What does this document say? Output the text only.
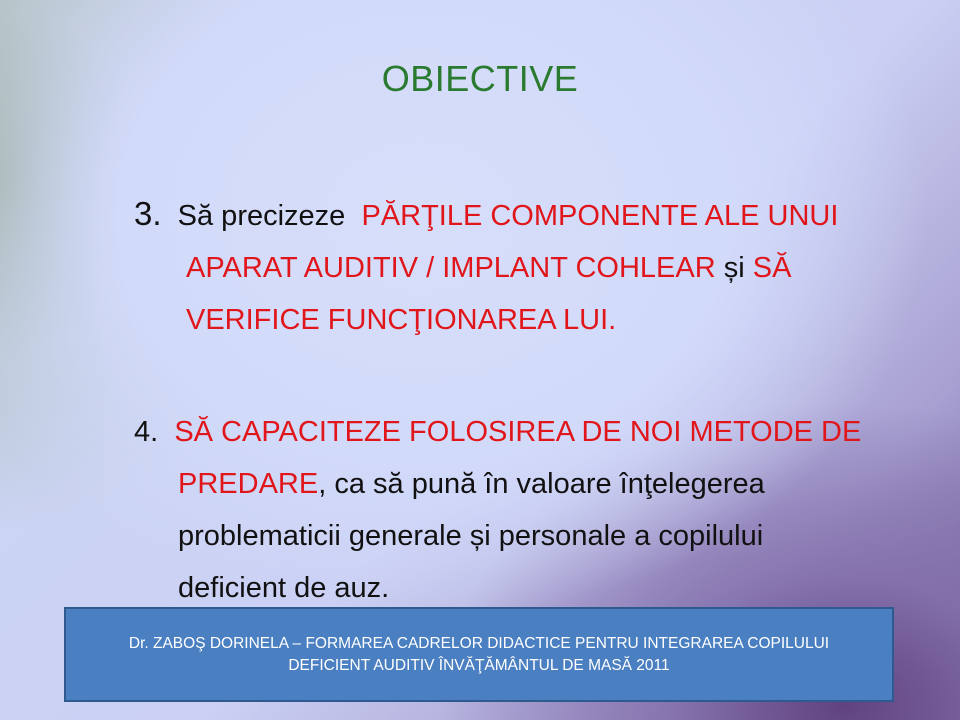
OBIECTIVE
3. Să precizeze PĂRŢILE COMPONENTE ALE UNUI
APARAT AUDITIV / IMPLANT COHLEAR și SĂ
VERIFICE FUNCŢIONAREA LUI.
4. SĂ CAPACITEZE FOLOSIREA DE NOI METODE DE
PREDARE, ca să pună în valoare înţelegerea
problematicii generale și personale a copilului
deficient de auz.
Dr. ZABOŞ DORINELA – FORMAREA CADRELOR DIDACTICE PENTRU INTEGRAREA COPILULUI
DEFICIENT AUDITIV ÎNVĂŢĂMÂNTUL DE MASĂ 2011
